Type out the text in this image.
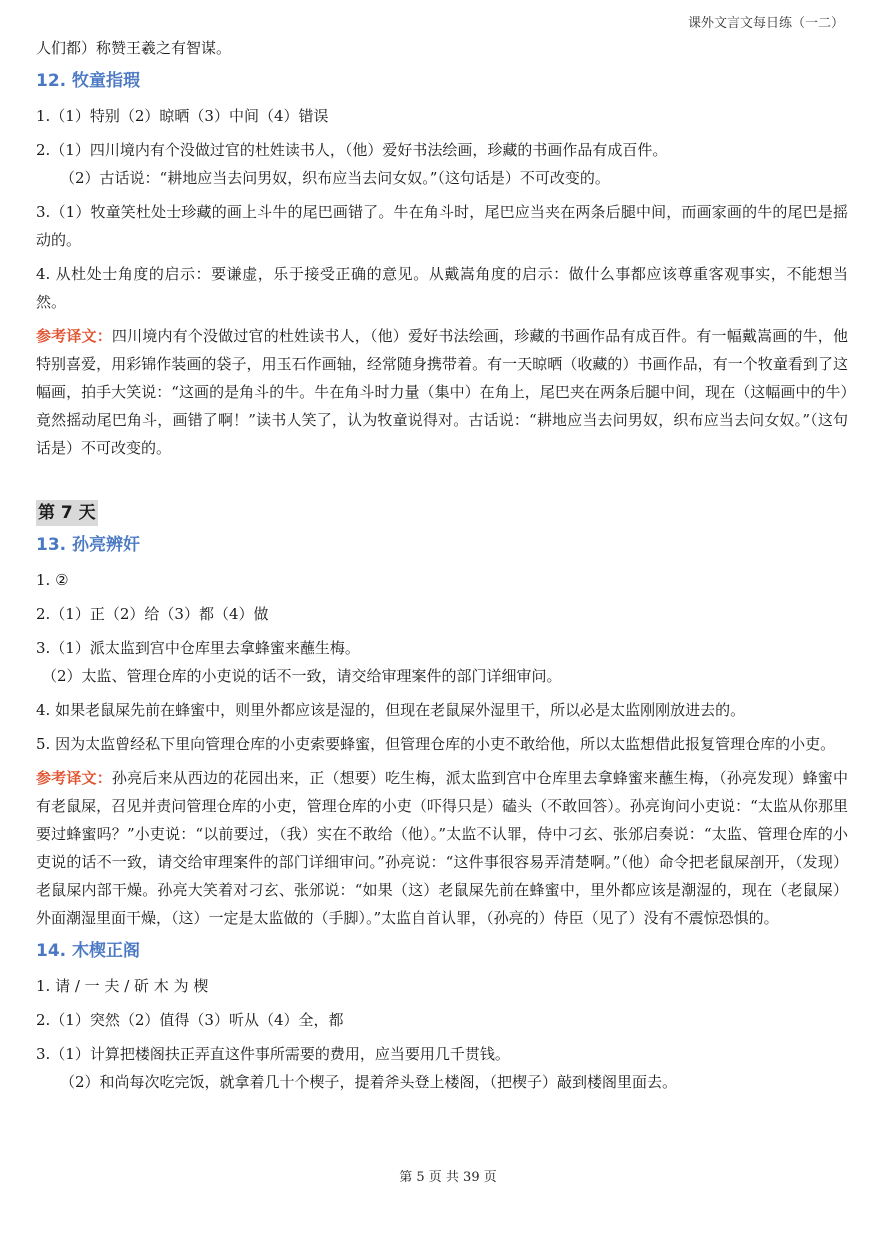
课外文言文每日练（一二）

人们都）称赞王羲之有智谋。

12. 牧童指瑕

1.（1）特别（2）晾晒（3）中间（4）错误

2.（1）四川境内有个没做过官的杜姓读书人，（他）爱好书法绘画，珍藏的书画作品有成百件。

（2）古话说：“耕地应当去问男奴，织布应当去问女奴。”（这句话是）不可改变的。

3.（1）牧童笑杜处士珍藏的画上斗牛的尾巴画错了。牛在角斗时，尾巴应当夹在两条后腿中间，而画家画的牛的尾巴是摇动的。

4. 从杜处士角度的启示：要谦虚，乐于接受正确的意见。从戴嵩角度的启示：做什么事都应该尊重客观事实，不能想当然。

参考译文：四川境内有个没做过官的杜姓读书人，（他）爱好书法绘画，珍藏的书画作品有成百件。有一幅戴嵩画的牛，他特别喜爱，用彩锦作装画的袋子，用玉石作画轴，经常随身携带着。有一天晾晒（收藏的）书画作品，有一个牧童看到了这幅画，拍手大笑说：“这画的是角斗的牛。牛在角斗时力量（集中）在角上，尾巴夹在两条后腿中间，现在（这幅画中的牛）竟然摇动尾巴角斗，画错了啊！”读书人笑了，认为牧童说得对。古话说：“耕地应当去问男奴，织布应当去问女奴。”（这句话是）不可改变的。

第 7 天
13. 孙亮辨奸

1. ②

2.（1）正（2）给（3）都（4）做

3.（1）派太监到宫中仓库里去拿蜂蜜来蘸生梅。

（2）太监、管理仓库的小吏说的话不一致，请交给审理案件的部门详细审问。

4. 如果老鼠屎先前在蜂蜜中，则里外都应该是湿的，但现在老鼠屎外湿里干，所以必是太监刚刚放进去的。

5. 因为太监曾经私下里向管理仓库的小吏索要蜂蜜，但管理仓库的小吏不敢给他，所以太监想借此报复管理仓库的小吏。

参考译文：孙亮后来从西边的花园出来，正（想要）吃生梅，派太监到宫中仓库里去拿蜂蜜来蘸生梅，（孙亮发现）蜂蜜中有老鼠屎，召见并责问管理仓库的小吏，管理仓库的小吏（吓得只是）磕头（不敢回答）。孙亮询问小吏说：“太监从你那里要过蜂蜜吗？”小吏说：“以前要过，（我）实在不敢给（他）。”太监不认罪，侍中刁玄、张邠启奏说：“太监、管理仓库的小吏说的话不一致，请交给审理案件的部门详细审问。”孙亮说：“这件事很容易弄清楚啊。”（他）命令把老鼠屎剖开，（发现）老鼠屎内部干燥。孙亮大笑着对刁玄、张邠说：“如果（这）老鼠屎先前在蜂蜜中，里外都应该是潮湿的，现在（老鼠屎）外面潮湿里面干燥，（这）一定是太监做的（手脚）。”太监自首认罪，（孙亮的）侍臣（见了）没有不震惊恐惧的。

14. 木楔正阁

1. 请 / 一 夫 / 斫 木 为 楔

2.（1）突然（2）值得（3）听从（4）全，都

3.（1）计算把楼阁扶正弄直这件事所需要的费用，应当要用几千贯钱。

（2）和尚每次吃完饭，就拿着几十个楔子，提着斧头登上楼阁，（把楔子）敲到楼阁里面去。

第 5 页 共 39 页
